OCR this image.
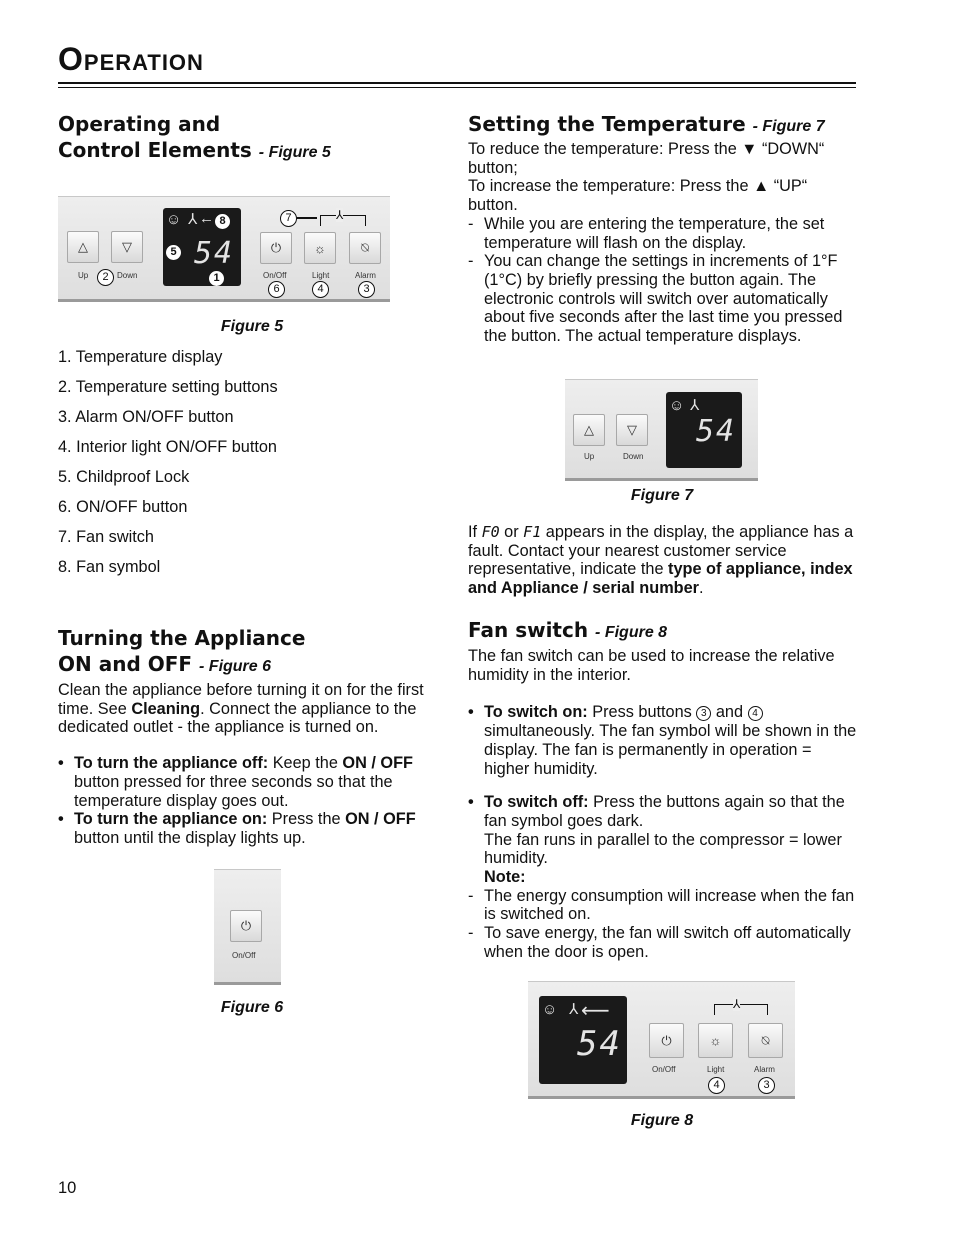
Operation
Operating and
Control Elements - Figure 5
△	▽
Up	Down
2
☺ ⅄ ← 8
5 54
1
⏻	☼	⍉
On/Off	Light	Alarm
6	4	3
7	⅄
Figure 5
1. Temperature display
2. Temperature setting buttons
3. Alarm ON/OFF button
4. Interior light ON/OFF button
5. Childproof Lock
6. ON/OFF button
7. Fan switch
8. Fan symbol
Turning the Appliance
ON and OFF - Figure 6

Clean the appliance before turning it on for the first time. See Cleaning. Connect the appliance to the dedicated outlet - the appliance is turned on.

• To turn the appliance off: Keep the ON / OFF button pressed for three seconds so that the temperature display goes out.
• To turn the appliance on: Press the ON / OFF button until the display lights up.
⏻
On/Off
Figure 6
Setting the Temperature - Figure 7

To reduce the temperature: Press the ▼ “DOWN“ button;

To increase the temperature: Press the ▲ “UP“ button.

- While you are entering the temperature, the set temperature will flash on the display.
- You can change the settings in increments of 1°F (1°C) by briefly pressing the button again. The electronic controls will switch over automatically about five seconds after the last time you pressed the button. The actual temperature displays.
△	▽
Up	Down
☺ ⅄
54
Figure 7

If F0 or F1 appears in the display, the appliance has a fault. Contact your nearest customer service representative, indicate the type of appliance, index and Appliance / serial number.

Fan switch - Figure 8

The fan switch can be used to increase the relative humidity in the interior.

• To switch on: Press buttons 3 and 4 simultaneously. The fan symbol will be shown in the display. The fan is permanently in operation = higher humidity.
• To switch off: Press the buttons again so that the fan symbol goes dark.
The fan runs in parallel to the compressor = lower humidity.

Note:

- The energy consumption will increase when the fan is switched on.
- To save energy, the fan will switch off automatically when the door is open.
☺ ⅄ ⟵
54	⏻	☼	⍉
On/Off	Light	Alarm
4	3
⅄
Figure 8
10
